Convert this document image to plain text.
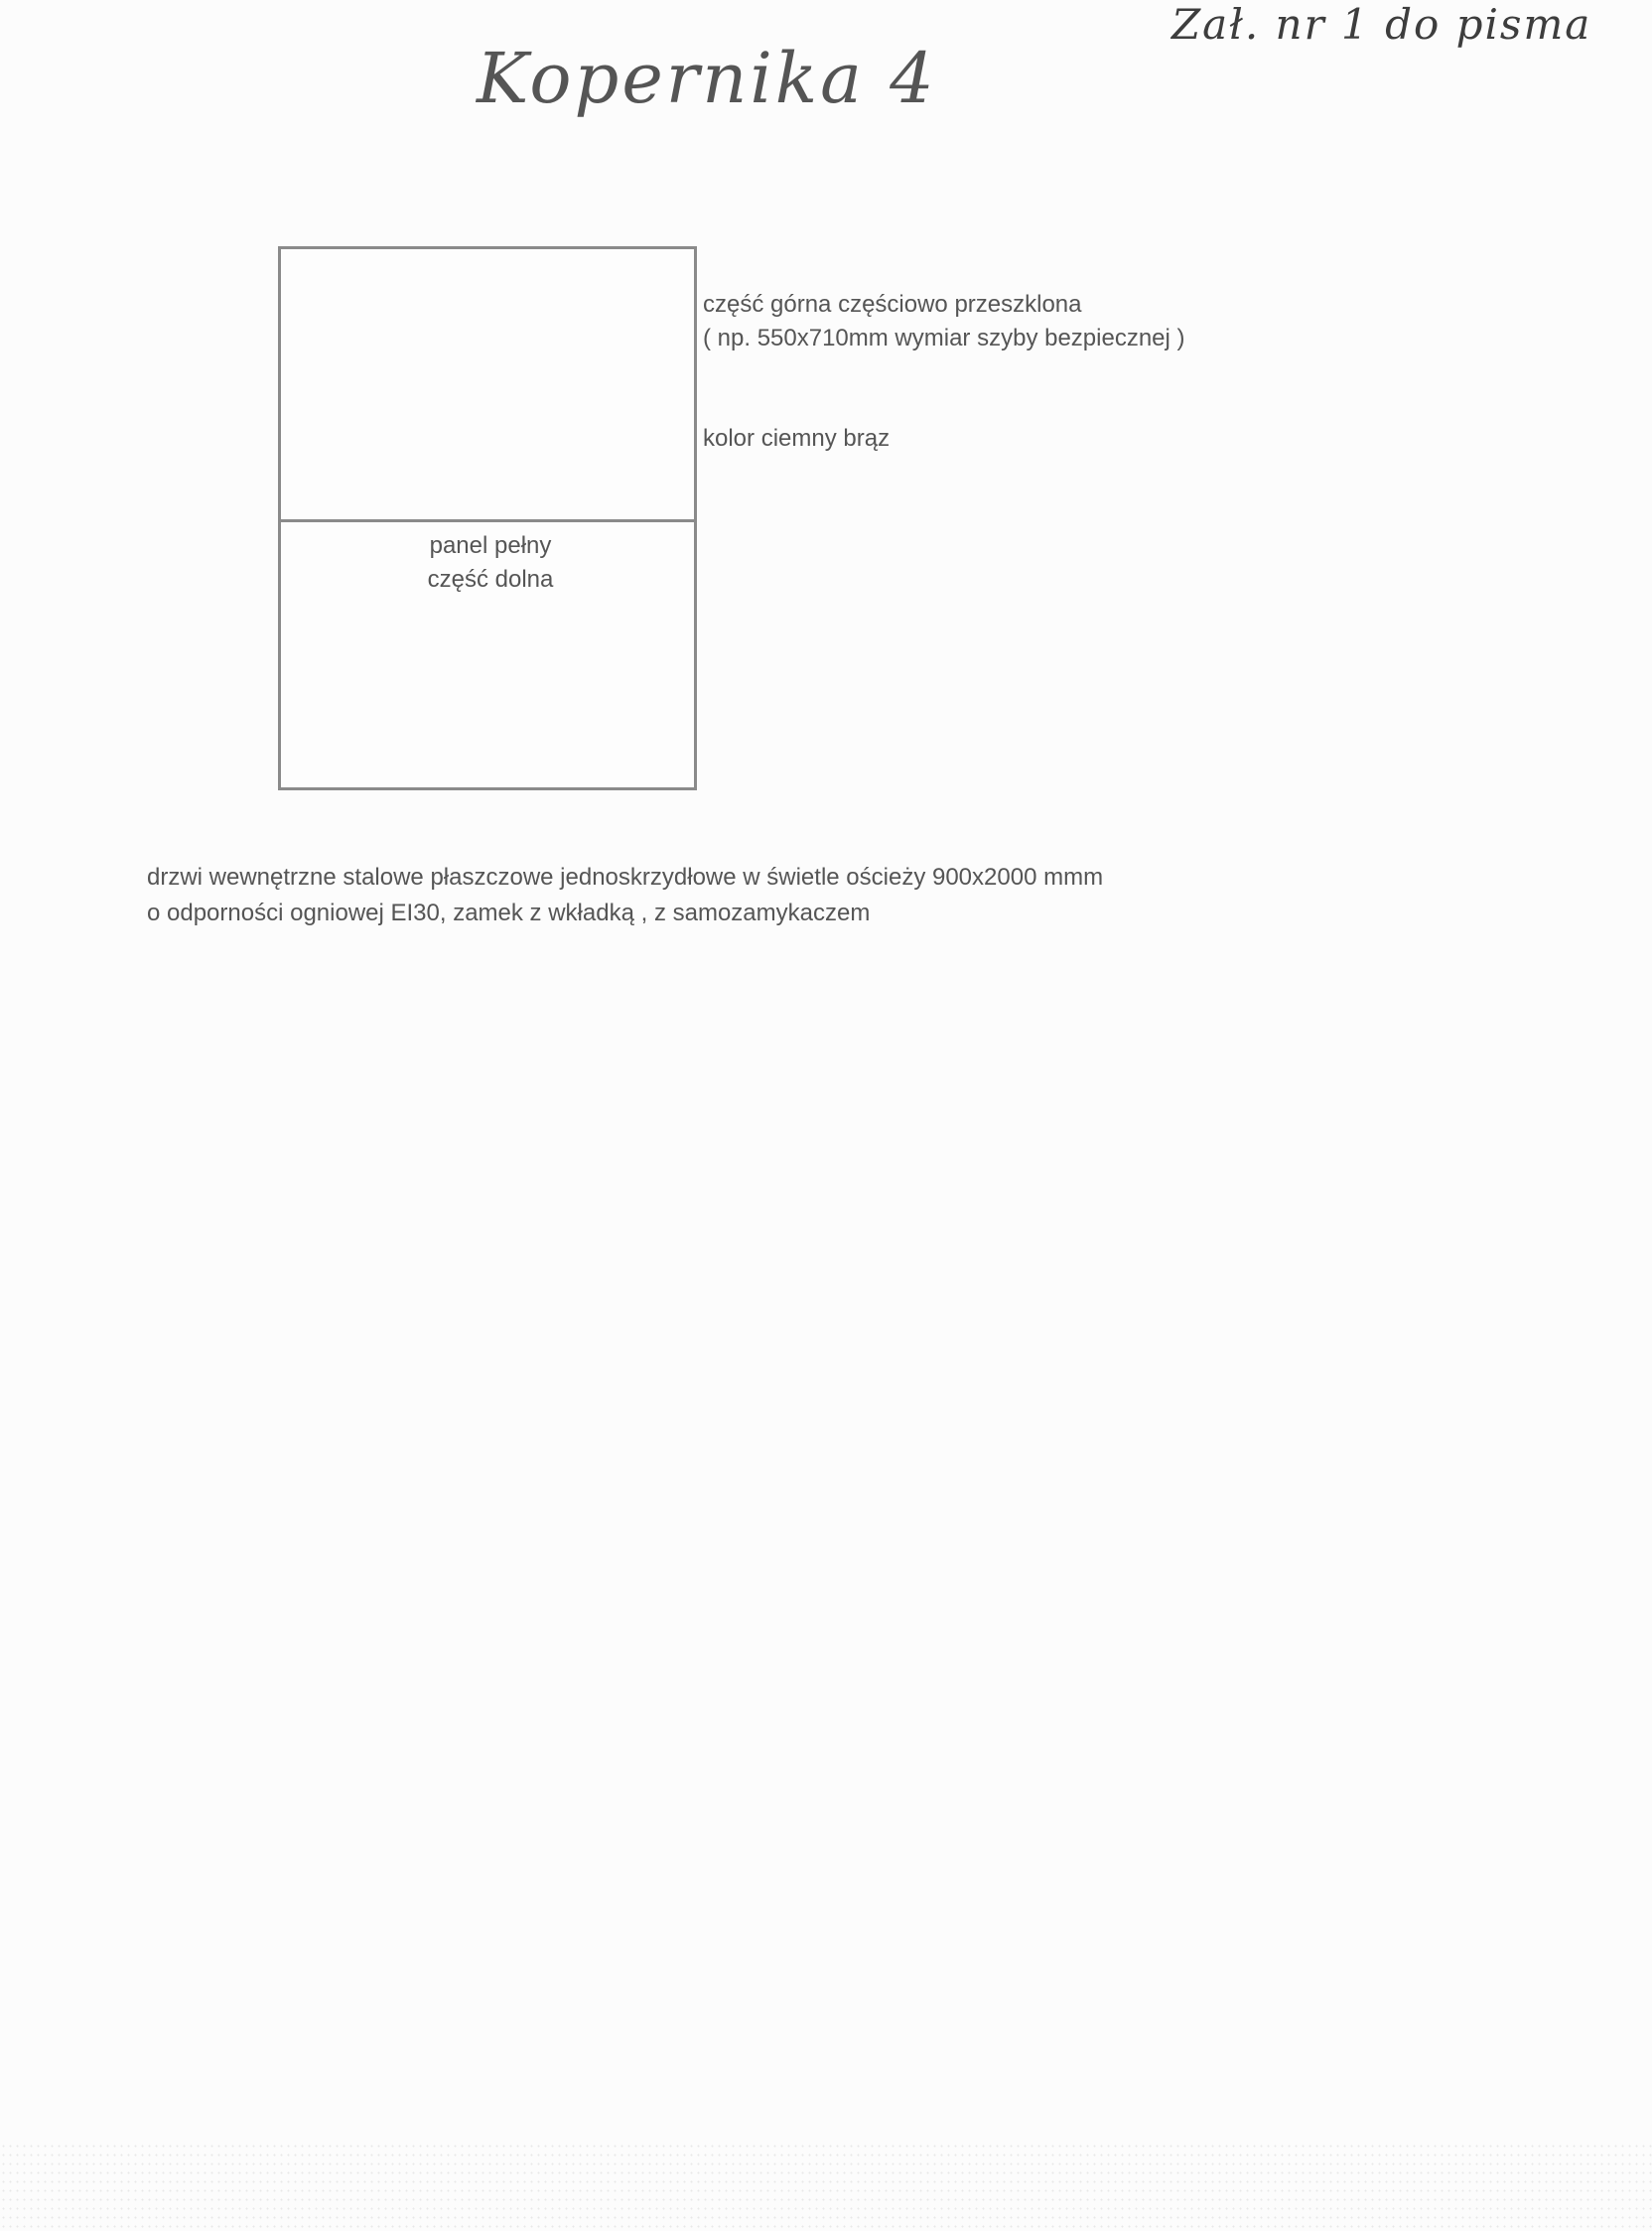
Zał. nr 1 do pisma
Kopernika 4
panel pełny
część dolna
część górna częściowo przeszklona
( np. 550x710mm wymiar szyby bezpiecznej )
kolor ciemny brąz
drzwi wewnętrzne stalowe płaszczowe jednoskrzydłowe w świetle ościeży 900x2000 mmm
o odporności ogniowej EI30, zamek z wkładką , z samozamykaczem
